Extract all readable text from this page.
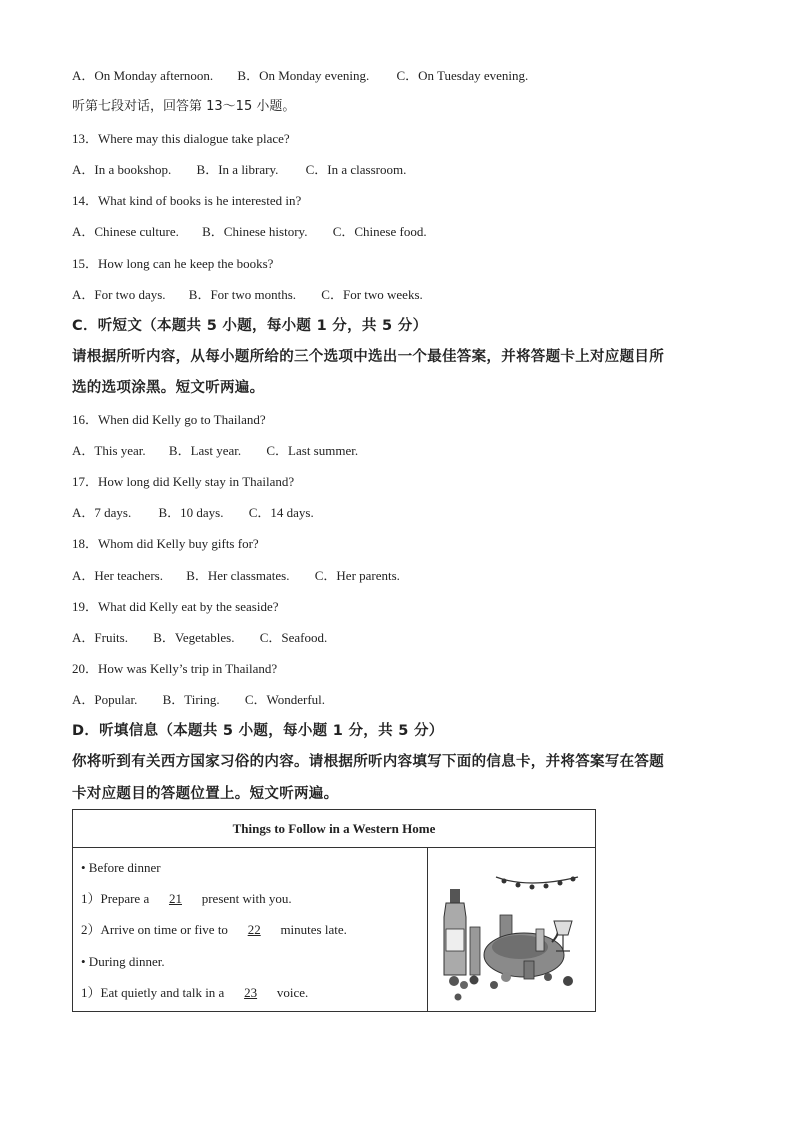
A．On Monday afternoon. B．On Monday evening. C．On Tuesday evening.
听第七段对话，回答第 13～15 小题。
13．Where may this dialogue take place?
A．In a bookshop. B．In a library. C．In a classroom.
14．What kind of books is he interested in?
A．Chinese culture. B．Chinese history. C．Chinese food.
15．How long can he keep the books?
A．For two days. B．For two months. C．For two weeks.
C．听短文（本题共 5 小题，每小题 1 分，共 5 分）
请根据所听内容，从每小题所给的三个选项中选出一个最佳答案，并将答题卡上对应题目所
选的选项涂黑。短文听两遍。
16．When did Kelly go to Thailand?
A．This year. B．Last year. C．Last summer.
17．How long did Kelly stay in Thailand?
A．7 days. B．10 days. C．14 days.
18．Whom did Kelly buy gifts for?
A．Her teachers. B．Her classmates. C．Her parents.
19．What did Kelly eat by the seaside?
A．Fruits. B．Vegetables. C．Seafood.
20．How was Kelly’s trip in Thailand?
A．Popular. B．Tiring. C．Wonderful.
D．听填信息（本题共 5 小题，每小题 1 分，共 5 分）
你将听到有关西方国家习俗的内容。请根据所听内容填写下面的信息卡，并将答案写在答题
卡对应题目的答题位置上。短文听两遍。
Things to Follow in a Western Home
• Before dinner
1）Prepare a 21 present with you.
2）Arrive on time or five to 22 minutes late.
• During dinner.
1）Eat quietly and talk in a 23 voice.
